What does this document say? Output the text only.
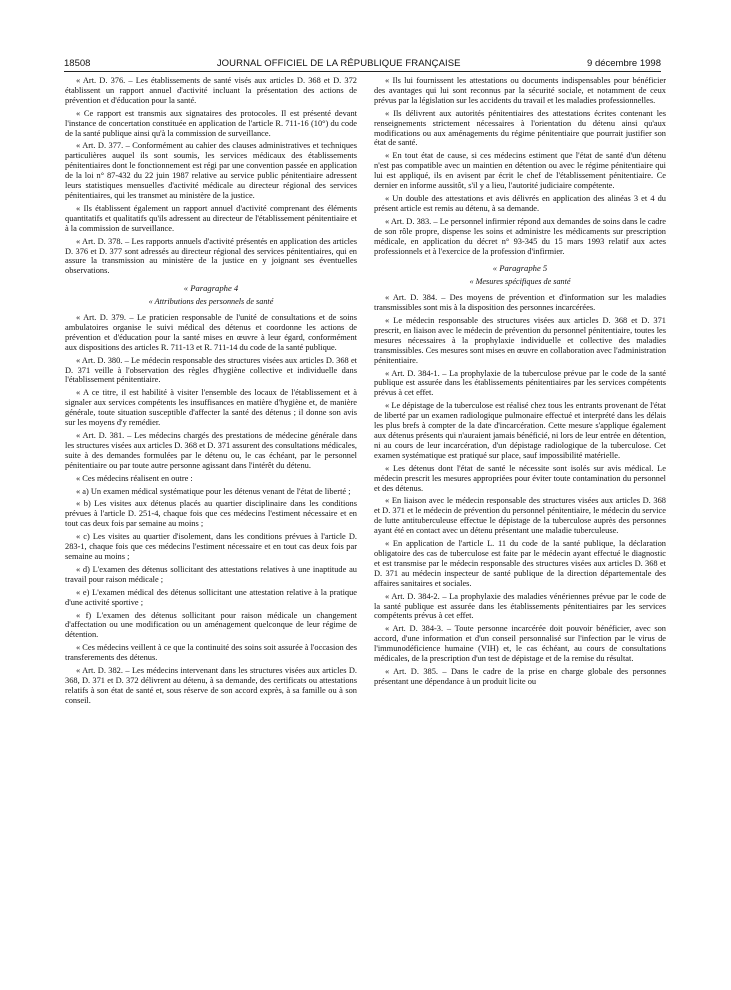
18508	JOURNAL OFFICIEL DE LA RÉPUBLIQUE FRANÇAISE	9 décembre 1998

« Art. D. 376. – Les établissements de santé visés aux articles D. 368 et D. 372 établissent un rapport annuel d'activité incluant la présentation des actions de prévention et d'éducation pour la santé.

« Ce rapport est transmis aux signataires des protocoles. Il est présenté devant l'instance de concertation constituée en application de l'article R. 711-16 (10°) du code de la santé publique ainsi qu'à la commission de surveillance.

« Art. D. 377. – Conformément au cahier des clauses administratives et techniques particulières auquel ils sont soumis, les services médicaux des établissements pénitentiaires dont le fonctionnement est régi par une convention passée en application de la loi n° 87-432 du 22 juin 1987 relative au service public pénitentiaire adressent leurs statistiques mensuelles d'activité médicale au directeur régional des services pénitentiaires, qui les transmet au ministère de la justice.

« Ils établissent également un rapport annuel d'activité comprenant des éléments quantitatifs et qualitatifs qu'ils adressent au directeur de l'établissement pénitentiaire et à la commission de surveillance.

« Art. D. 378. – Les rapports annuels d'activité présentés en application des articles D. 376 et D. 377 sont adressés au directeur régional des services pénitentiaires, qui en assure la transmission au ministère de la justice en y joignant ses éventuelles observations.

« Paragraphe 4

« Attributions des personnels de santé

« Art. D. 379. – Le praticien responsable de l'unité de consultations et de soins ambulatoires organise le suivi médical des détenus et coordonne les actions de prévention et d'éducation pour la santé mises en œuvre à leur égard, conformément aux dispositions des articles R. 711-13 et R. 711-14 du code de la santé publique.

« Art. D. 380. – Le médecin responsable des structures visées aux articles D. 368 et D. 371 veille à l'observation des règles d'hygiène collective et individuelle dans l'établissement pénitentiaire.

« A ce titre, il est habilité à visiter l'ensemble des locaux de l'établissement et à signaler aux services compétents les insuffisances en matière d'hygiène et, de manière générale, toute situation susceptible d'affecter la santé des détenus ; il donne son avis sur les moyens d'y remédier.

« Art. D. 381. – Les médecins chargés des prestations de médecine générale dans les structures visées aux articles D. 368 et D. 371 assurent des consultations médicales, suite à des demandes formulées par le détenu ou, le cas échéant, par le personnel pénitentiaire ou par toute autre personne agissant dans l'intérêt du détenu.

« Ces médecins réalisent en outre :

« a) Un examen médical systématique pour les détenus venant de l'état de liberté ;

« b) Les visites aux détenus placés au quartier disciplinaire dans les conditions prévues à l'article D. 251-4, chaque fois que ces médecins l'estiment nécessaire et en tout cas deux fois par semaine au moins ;

« c) Les visites au quartier d'isolement, dans les conditions prévues à l'article D. 283-1, chaque fois que ces médecins l'estiment nécessaire et en tout cas deux fois par semaine au moins ;

« d) L'examen des détenus sollicitant des attestations relatives à une inaptitude au travail pour raison médicale ;

« e) L'examen médical des détenus sollicitant une attestation relative à la pratique d'une activité sportive ;

« f) L'examen des détenus sollicitant pour raison médicale un changement d'affectation ou une modification ou un aménagement quelconque de leur régime de détention.

« Ces médecins veillent à ce que la continuité des soins soit assurée à l'occasion des transferements des détenus.

« Art. D. 382. – Les médecins intervenant dans les structures visées aux articles D. 368, D. 371 et D. 372 délivrent au détenu, à sa demande, des certificats ou attestations relatifs à son état de santé et, sous réserve de son accord exprès, à sa famille ou à son conseil.

« Ils lui fournissent les attestations ou documents indispensables pour bénéficier des avantages qui lui sont reconnus par la sécurité sociale, et notamment de ceux prévus par la législation sur les accidents du travail et les maladies professionnelles.

« Ils délivrent aux autorités pénitentiaires des attestations écrites contenant les renseignements strictement nécessaires à l'orientation du détenu ainsi qu'aux modifications ou aux aménagements du régime pénitentiaire que pourrait justifier son état de santé.

« En tout état de cause, si ces médecins estiment que l'état de santé d'un détenu n'est pas compatible avec un maintien en détention ou avec le régime pénitentiaire qui lui est appliqué, ils en avisent par écrit le chef de l'établissement pénitentiaire. Ce dernier en informe aussitôt, s'il y a lieu, l'autorité judiciaire compétente.

« Un double des attestations et avis délivrés en application des alinéas 3 et 4 du présent article est remis au détenu, à sa demande.

« Art. D. 383. – Le personnel infirmier répond aux demandes de soins dans le cadre de son rôle propre, dispense les soins et administre les médicaments sur prescription médicale, en application du décret n° 93-345 du 15 mars 1993 relatif aux actes professionnels et à l'exercice de la profession d'infirmier.

« Paragraphe 5

« Mesures spécifiques de santé

« Art. D. 384. – Des moyens de prévention et d'information sur les maladies transmissibles sont mis à la disposition des personnes incarcérées.

« Le médecin responsable des structures visées aux articles D. 368 et D. 371 prescrit, en liaison avec le médecin de prévention du personnel pénitentiaire, toutes les mesures nécessaires à la prophylaxie individuelle et collective des maladies transmissibles. Ces mesures sont mises en œuvre en collaboration avec l'administration pénitentiaire.

« Art. D. 384-1. – La prophylaxie de la tuberculose prévue par le code de la santé publique est assurée dans les établissements pénitentiaires par les services compétents prévus à cet effet.

« Le dépistage de la tuberculose est réalisé chez tous les entrants provenant de l'état de liberté par un examen radiologique pulmonaire effectué et interprété dans les délais les plus brefs à compter de la date d'incarcération. Cette mesure s'applique également aux détenus présents qui n'auraient jamais bénéficié, ni lors de leur entrée en détention, ni au cours de leur incarcération, d'un dépistage radiologique de la tuberculose. Cet examen systématique est pratiqué sur place, sauf impossibilité matérielle.

« Les détenus dont l'état de santé le nécessite sont isolés sur avis médical. Le médecin prescrit les mesures appropriées pour éviter toute contamination du personnel et des détenus.

« En liaison avec le médecin responsable des structures visées aux articles D. 368 et D. 371 et le médecin de prévention du personnel pénitentiaire, le médecin du service de lutte antituberculeuse effectue le dépistage de la tuberculose auprès des personnes ayant été en contact avec un détenu présentant une maladie tuberculeuse.

« En application de l'article L. 11 du code de la santé publique, la déclaration obligatoire des cas de tuberculose est faite par le médecin ayant effectué le diagnostic et est transmise par le médecin responsable des structures visées aux articles D. 368 et D. 371 au médecin inspecteur de santé publique de la direction départementale des affaires sanitaires et sociales.

« Art. D. 384-2. – La prophylaxie des maladies vénériennes prévue par le code de la santé publique est assurée dans les établissements pénitentiaires par les services compétents prévus à cet effet.

« Art. D. 384-3. – Toute personne incarcérée doit pouvoir bénéficier, avec son accord, d'une information et d'un conseil personnalisé sur l'infection par le virus de l'immunodéficience humaine (VIH) et, le cas échéant, au cours de consultations médicales, de la prescription d'un test de dépistage et de la remise du résultat.

« Art. D. 385. – Dans le cadre de la prise en charge globale des personnes présentant une dépendance à un produit licite ou
